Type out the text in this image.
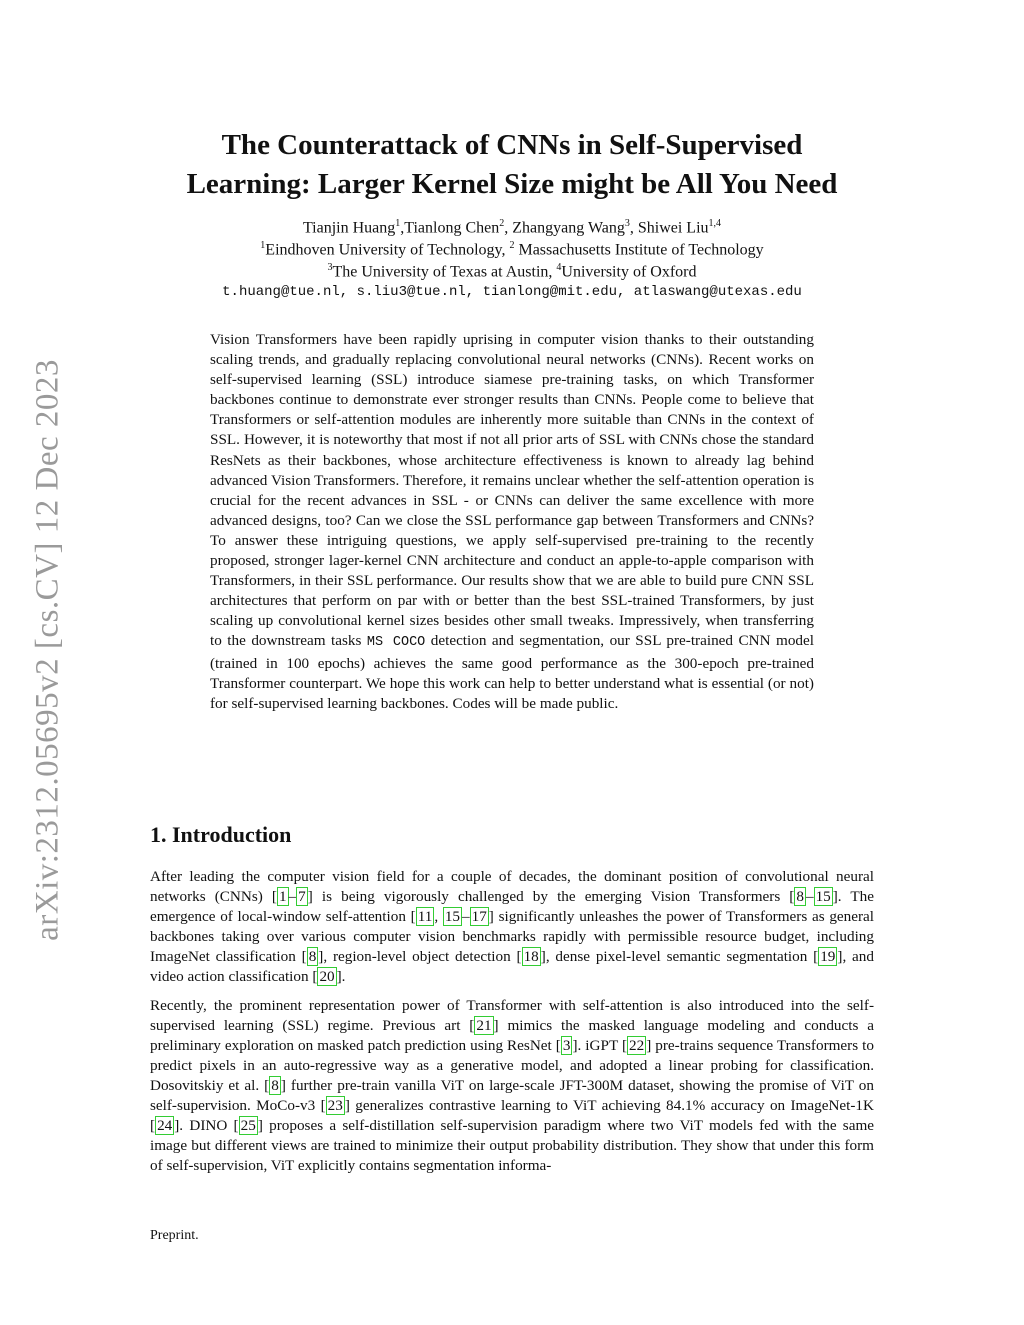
arXiv:2312.05695v2 [cs.CV] 12 Dec 2023
The Counterattack of CNNs in Self-Supervised
Learning: Larger Kernel Size might be All You Need
Tianjin Huang$^1$,Tianlong Chen$^2$, Zhangyang Wang$^3$, Shiwei Liu$^{1,4}$
$^1$Eindhoven University of Technology, $^2$ Massachusetts Institute of Technology
$^3$The University of Texas at Austin, $^4$University of Oxford
t.huang@tue.nl, s.liu3@tue.nl, tianlong@mit.edu, atlaswang@utexas.edu

Vision Transformers have been rapidly uprising in computer vision thanks to their outstanding scaling trends, and gradually replacing convolutional neural networks (CNNs). Recent works on self-supervised learning (SSL) introduce siamese pre-training tasks, on which Transformer backbones continue to demonstrate ever stronger results than CNNs. People come to believe that Transformers or self-attention modules are inherently more suitable than CNNs in the context of SSL. However, it is noteworthy that most if not all prior arts of SSL with CNNs chose the standard ResNets as their backbones, whose architecture effectiveness is known to already lag behind advanced Vision Transformers. Therefore, it remains unclear whether the self-attention operation is crucial for the recent advances in SSL - or CNNs can deliver the same excellence with more advanced designs, too? Can we close the SSL performance gap between Transformers and CNNs? To answer these intriguing questions, we apply self-supervised pre-training to the recently proposed, stronger lager-kernel CNN architecture and conduct an apple-to-apple comparison with Transformers, in their SSL performance. Our results show that we are able to build pure CNN SSL architectures that perform on par with or better than the best SSL-trained Transformers, by just scaling up convolutional kernel sizes besides other small tweaks. Impressively, when transferring to the downstream tasks MS COCO detection and segmentation, our SSL pre-trained CNN model (trained in 100 epochs) achieves the same good performance as the 300-epoch pre-trained Transformer counterpart. We hope this work can help to better understand what is essential (or not) for self-supervised learning backbones. Codes will be made public.

1. Introduction

After leading the computer vision field for a couple of decades, the dominant position of convolutional neural networks (CNNs) [ 1 – 7 ] is being vigorously challenged by the emerging Vision Transformers [ 8 – 15 ]. The emergence of local-window self-attention [ 11 , 15 – 17 ] significantly unleashes the power of Transformers as general backbones taking over various computer vision benchmarks rapidly with permissible resource budget, including ImageNet classification [ 8 ], region-level object detection [ 18 ], dense pixel-level semantic segmentation [ 19 ], and video action classification [ 20 ].

Recently, the prominent representation power of Transformer with self-attention is also introduced into the self-supervised learning (SSL) regime. Previous art [ 21 ] mimics the masked language modeling and conducts a preliminary exploration on masked patch prediction using ResNet [ 3 ]. iGPT [ 22 ] pre-trains sequence Transformers to predict pixels in an auto-regressive way as a generative model, and adopted a linear probing for classification. Dosovitskiy et al. [ 8 ] further pre-train vanilla ViT on large-scale JFT-300M dataset, showing the promise of ViT on self-supervision. MoCo-v3 [ 23 ] generalizes contrastive learning to ViT achieving 84.1% accuracy on ImageNet-1K [ 24 ]. DINO [ 25 ] proposes a self-distillation self-supervision paradigm where two ViT models fed with the same image but different views are trained to minimize their output probability distribution. They show that under this form of self-supervision, ViT explicitly contains segmentation informa-

Preprint.
